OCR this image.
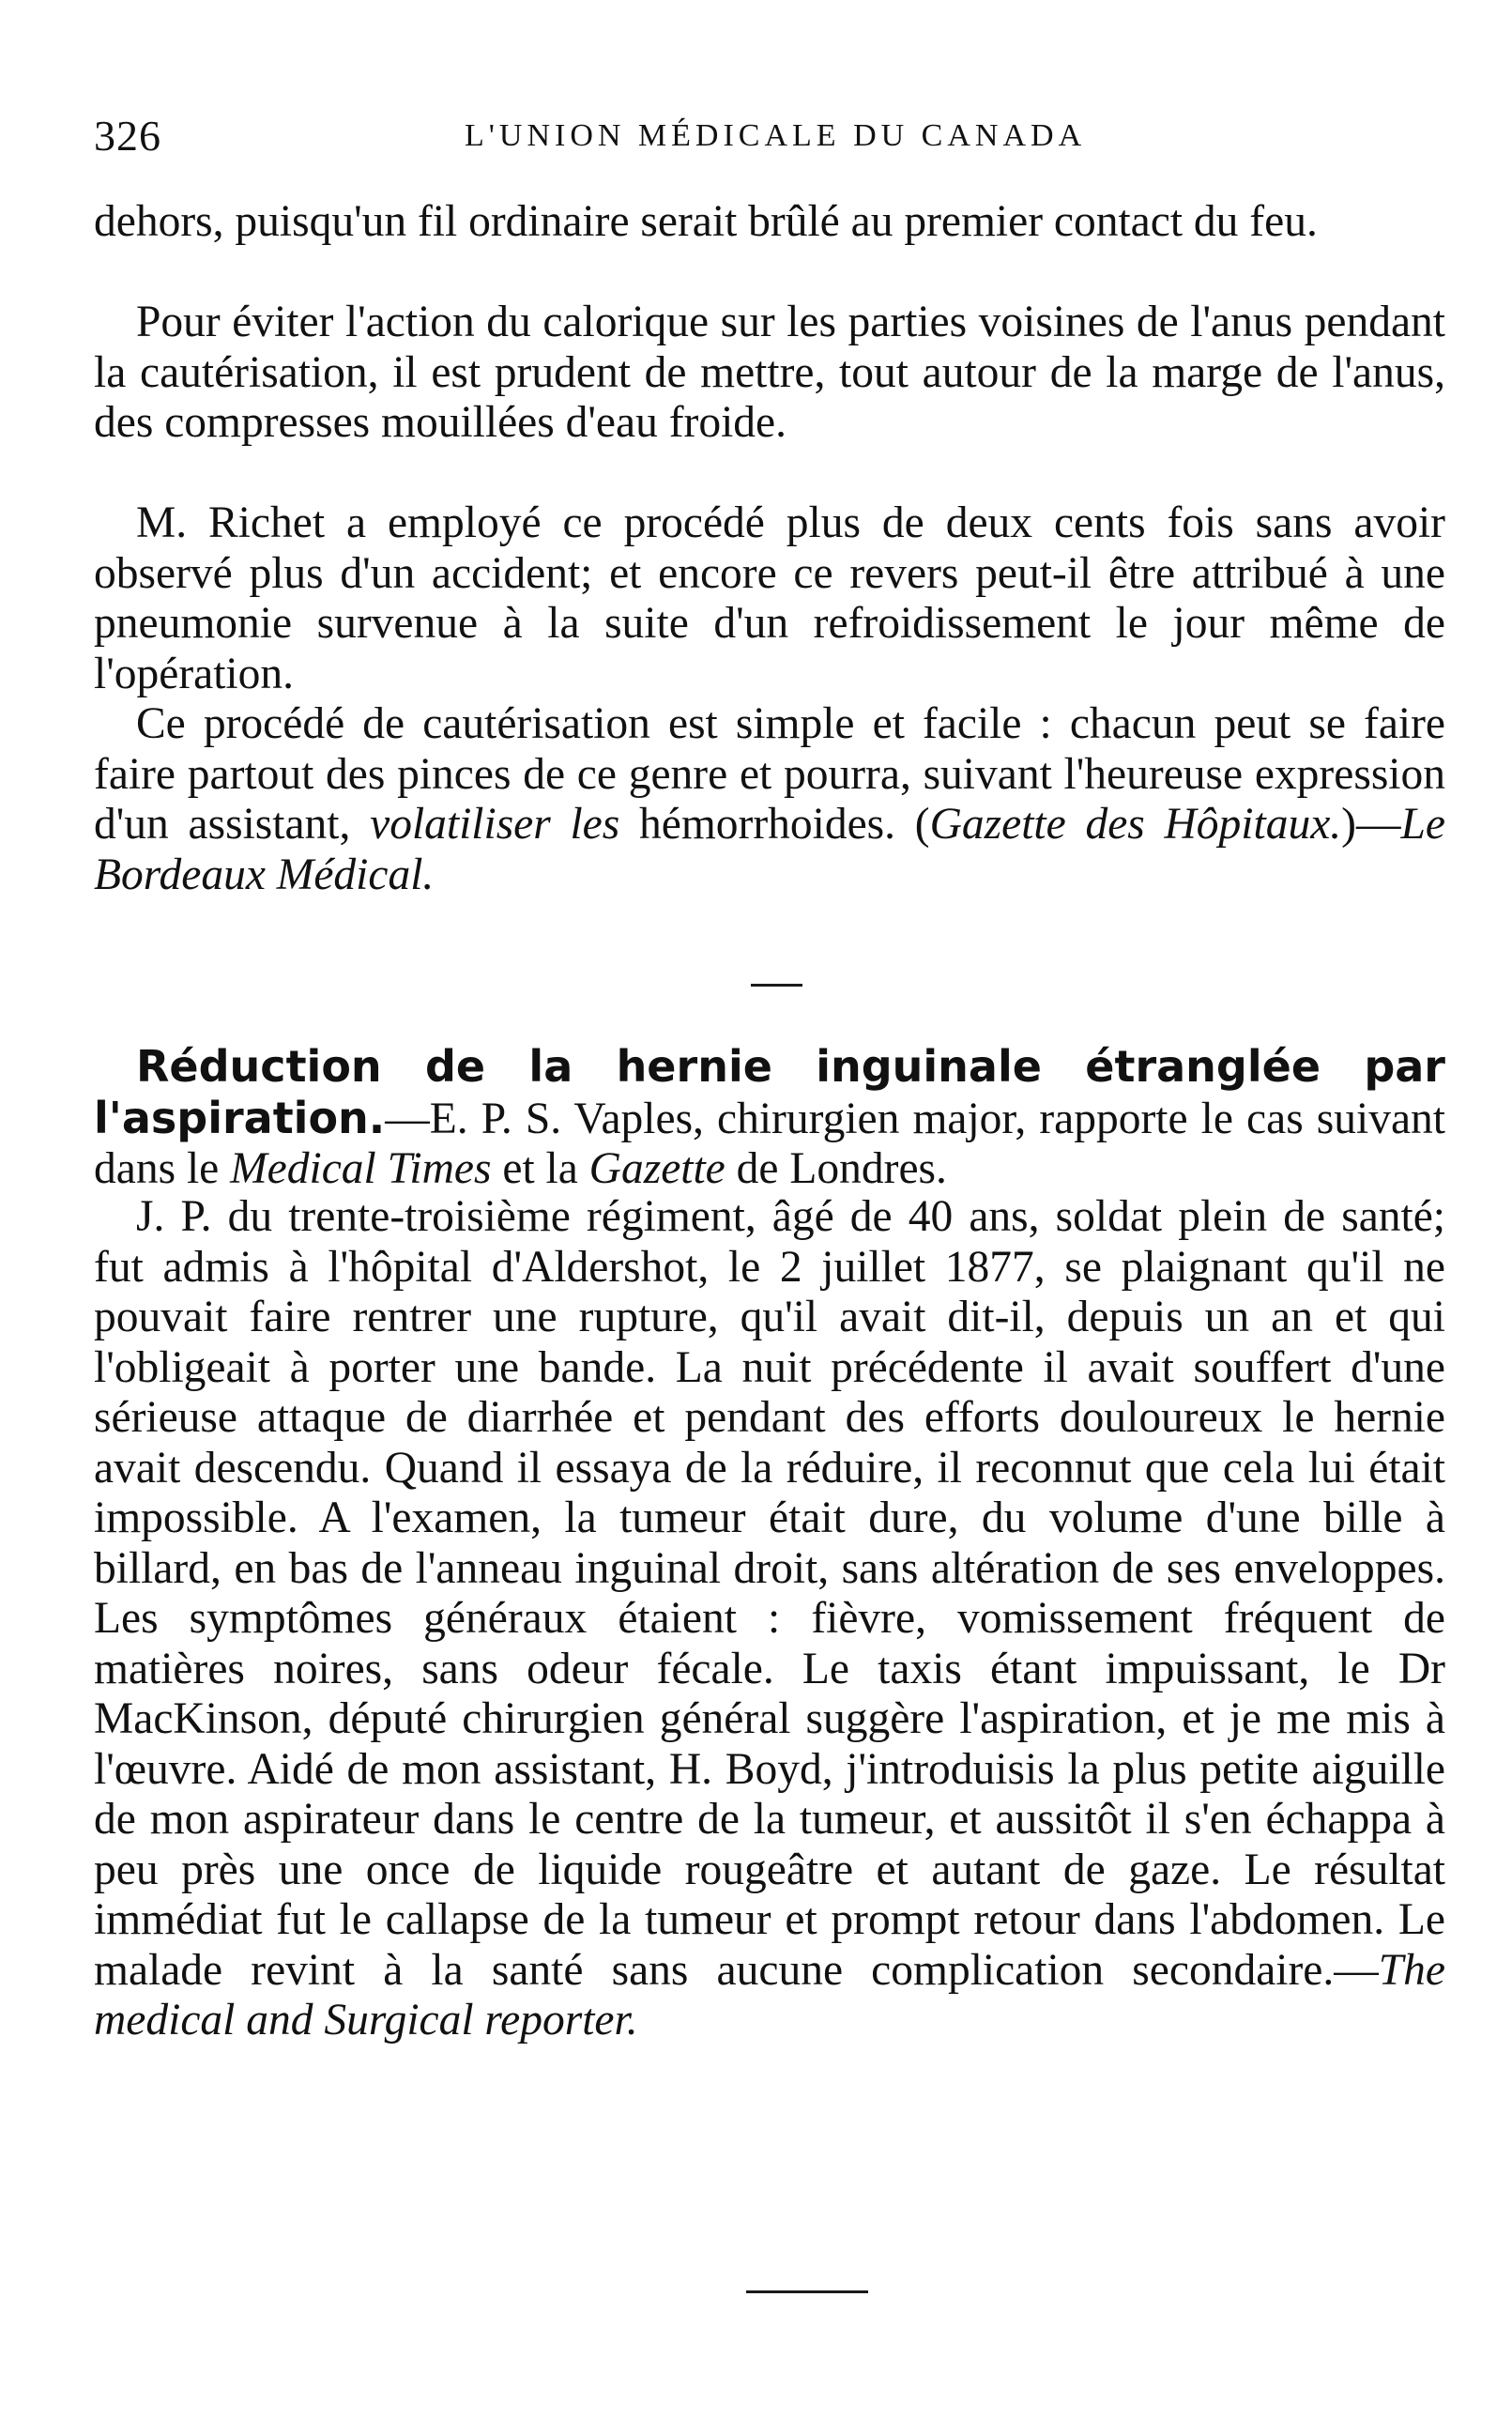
326	L'UNION MÉDICALE DU CANADA

dehors, puisqu'un fil ordinaire serait brûlé au premier contact du feu.

Pour éviter l'action du calorique sur les parties voisines de l'anus pendant la cautérisation, il est prudent de mettre, tout autour de la marge de l'anus, des compresses mouillées d'eau froide.

M. Richet a employé ce procédé plus de deux cents fois sans avoir observé plus d'un accident; et encore ce revers peut-il être attribué à une pneumonie survenue à la suite d'un refroidissement le jour même de l'opération.

Ce procédé de cautérisation est simple et facile : chacun peut se faire faire partout des pinces de ce genre et pourra, suivant l'heureuse expression d'un assistant, volatiliser les hémorrhoides. (Gazette des Hôpitaux.)—Le Bordeaux Médical.

Réduction de la hernie inguinale étranglée par l'aspiration.—E. P. S. Vaples, chirurgien major, rapporte le cas suivant dans le Medical Times et la Gazette de Londres.

J. P. du trente-troisième régiment, âgé de 40 ans, soldat plein de santé; fut admis à l'hôpital d'Aldershot, le 2 juillet 1877, se plaignant qu'il ne pouvait faire rentrer une rupture, qu'il avait dit-il, depuis un an et qui l'obligeait à porter une bande. La nuit précédente il avait souffert d'une sérieuse attaque de diarrhée et pendant des efforts douloureux le hernie avait descendu. Quand il essaya de la réduire, il reconnut que cela lui était impossible. A l'examen, la tumeur était dure, du volume d'une bille à billard, en bas de l'anneau inguinal droit, sans altération de ses enveloppes. Les symptômes généraux étaient : fièvre, vomissement fréquent de matières noires, sans odeur fécale. Le taxis étant impuissant, le Dr MacKinson, député chirurgien général suggère l'aspiration, et je me mis à l'œuvre. Aidé de mon assistant, H. Boyd, j'introduisis la plus petite aiguille de mon aspirateur dans le centre de la tumeur, et aussitôt il s'en échappa à peu près une once de liquide rougeâtre et autant de gaze. Le résultat immédiat fut le callapse de la tumeur et prompt retour dans l'abdomen. Le malade revint à la santé sans aucune complication secondaire.—The medical and Surgical reporter.
